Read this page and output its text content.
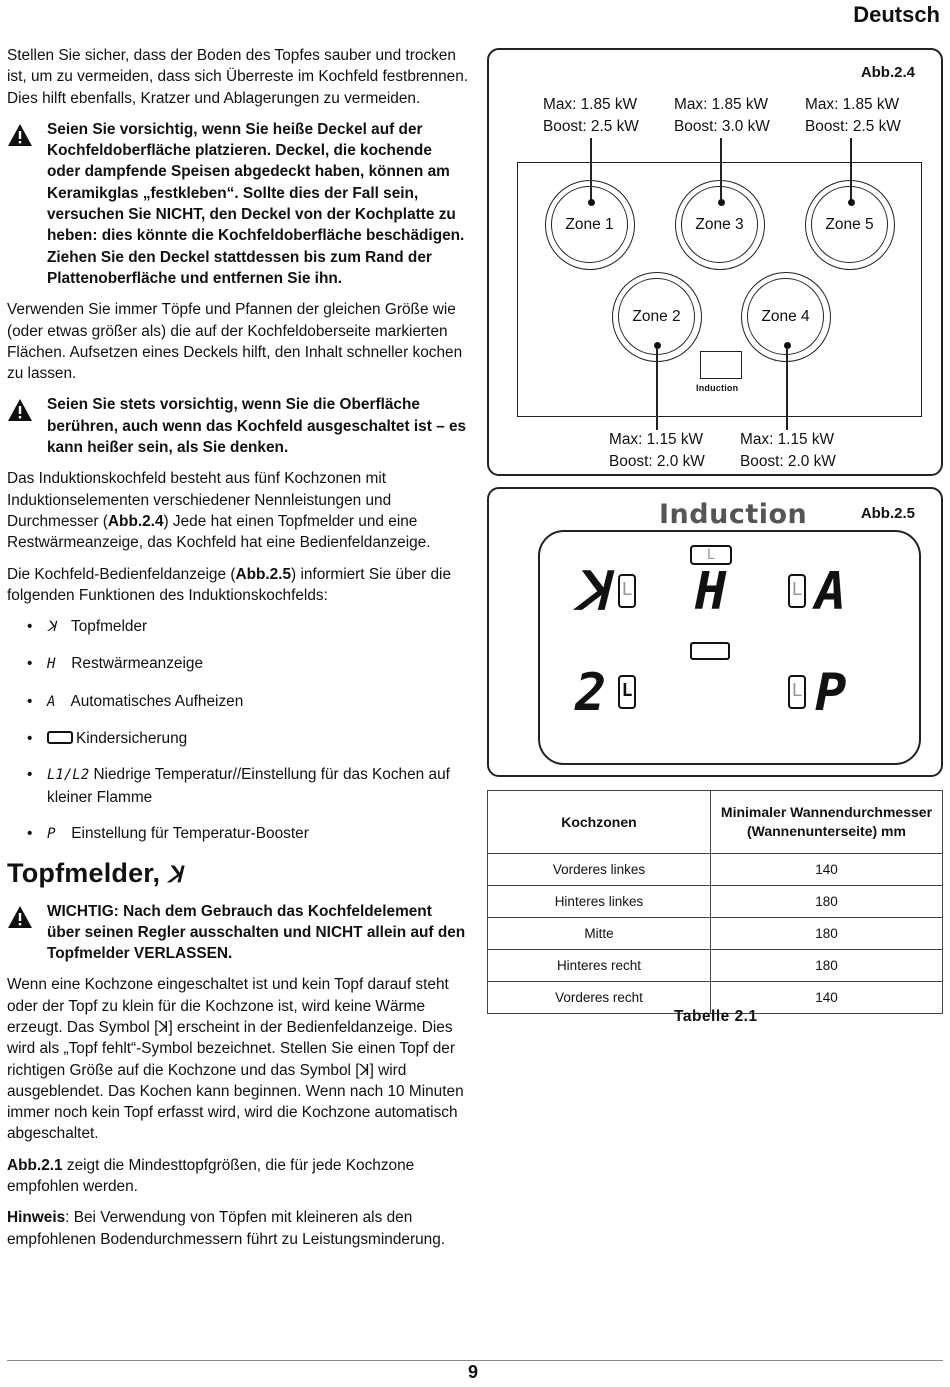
Deutsch

Stellen Sie sicher, dass der Boden des Topfes sauber und trocken ist, um zu vermeiden, dass sich Überreste im Kochfeld festbrennen. Dies hilft ebenfalls, Kratzer und Ablagerungen zu vermeiden.

Seien Sie vorsichtig, wenn Sie heiße Deckel auf der Kochfeldoberfläche platzieren. Deckel, die kochende oder dampfende Speisen abgedeckt haben, können am Keramikglas „festkleben“. Sollte dies der Fall sein, versuchen Sie NICHT, den Deckel von der Kochplatte zu heben: dies könnte die Kochfeldoberfläche beschädigen. Ziehen Sie den Deckel stattdessen bis zum Rand der Plattenoberfläche und entfernen Sie ihn.

Verwenden Sie immer Töpfe und Pfannen der gleichen Größe wie (oder etwas größer als) die auf der Kochfeldoberseite markierten Flächen. Aufsetzen eines Deckels hilft, den Inhalt schneller kochen zu lassen.

Seien Sie stets vorsichtig, wenn Sie die Oberfläche berühren, auch wenn das Kochfeld ausgeschaltet ist – es kann heißer sein, als Sie denken.

Das Induktionskochfeld besteht aus fünf Kochzonen mit Induktionselementen verschiedener Nennleistungen und Durchmesser (Abb.2.4) Jede hat einen Topfmelder und eine Restwärmeanzeige, das Kochfeld hat eine Bedienfeldanzeige.

Die Kochfeld-Bedienfeldanzeige (Abb.2.5) informiert Sie über die folgenden Funktionen des Induktionskochfelds:

• ꓘ Topfmelder
• H Restwärmeanzeige
• A Automatisches Aufheizen
•	Kindersicherung
• L1/L2 Niedrige Temperatur//Einstellung für das Kochen auf kleiner Flamme
• P Einstellung für Temperatur-Booster
Topfmelder, ꓘ
WICHTIG: Nach dem Gebrauch das Kochfeldelement über seinen Regler ausschalten und NICHT allein auf den Topfmelder VERLASSEN.

Wenn eine Kochzone eingeschaltet ist und kein Topf darauf steht oder der Topf zu klein für die Kochzone ist, wird keine Wärme erzeugt. Das Symbol [ꓘ] erscheint in der Bedienfeldanzeige. Dies wird als „Topf fehlt“-Symbol bezeichnet. Stellen Sie einen Topf der richtigen Größe auf die Kochzone und das Symbol [ꓘ] wird ausgeblendet. Das Kochen kann beginnen. Wenn nach 10 Minuten immer noch kein Topf erfasst wird, wird die Kochzone automatisch abgeschaltet.

Abb.2.1 zeigt die Mindesttopfgrößen, die für jede Kochzone empfohlen werden.

Hinweis: Bei Verwendung von Töpfen mit kleineren als den empfohlenen Bodendurchmessern führt zu Leistungsminderung.

Abb.2.4
Max: 1.85 kW
Boost: 2.5 kW
Max: 1.85 kW
Boost: 3.0 kW
Max: 1.85 kW
Boost: 2.5 kW
Zone 1	Zone 3	Zone 5
Zone 2	Zone 4
Induction
Max: 1.15 kW
Boost: 2.0 kW
Max: 1.15 kW
Boost: 2.0 kW
Induction	Abb.2.5
L
ꓘ L H	L A
2 L	L P
Kochzonen	Minimaler Wannendurchmesser (Wannenunterseite) mm
Vorderes linkes	140
Hinteres linkes	180
Mitte	180
Hinteres recht	180
Vorderes recht	140
Tabelle 2.1
9
